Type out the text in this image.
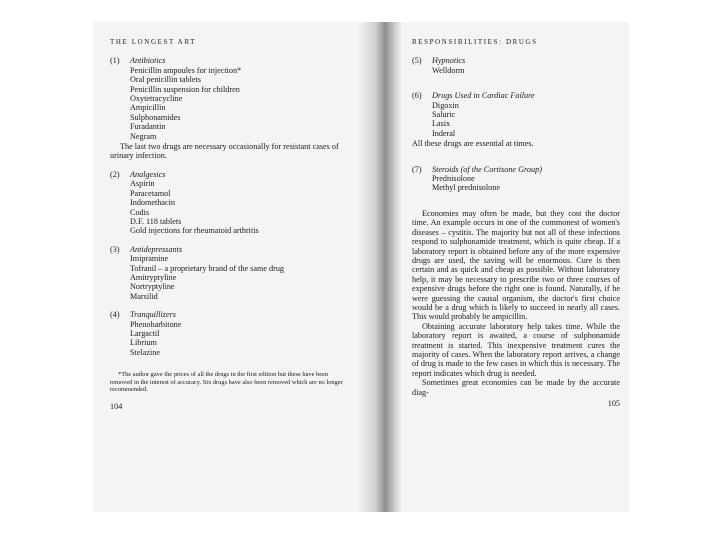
THE LONGEST ART
(1)	Antibiotics
Penicillin ampoules for injection*
Oral penicillin tablets
Penicillin suspension for children
Oxytetracycline
Ampicillin
Sulphonamides
Furadantin
Negram
The last two drugs are necessary occasionally for resistant cases of urinary infection.
(2)	Analgesics
Aspirin
Paracetamol
Indomethacin
Codis
D.F. 118 tablets
Gold injections for rheumatoid arthritis
(3)	Antidepressants
Imipramine
Tofranil – a proprietary brand of the same drug
Amitryptyline
Nortryptyline
Marsilid
(4)	Tranquillizers
Phenobarbitone
Largactil
Librium
Stelazine
*The author gave the prices of all the drugs in the first edition but these have been removed in the interest of accuracy. Six drugs have also been removed which are no longer recommended.
104
RESPONSIBILITIES: DRUGS
(5)	Hypnotics
Welldorm
(6)	Drugs Used in Cardiac Failure
Digoxin
Saluric
Lasix
Inderal
All these drugs are essential at times.
(7)	Steroids (of the Cortisone Group)
Prednisolone
Methyl prednisolone
Economies may often be made, but they cost the doctor time. An example occurs in one of the commonest of women's diseases – cystitis. The majority but not all of these infections respond to sulphonamide treatment, which is quite cheap. If a laboratory report is obtained before any of the more expensive drugs are used, the saving will be enormous. Cure is then certain and as quick and cheap as possible. Without laboratory help, it may be necessary to prescribe two or three courses of expensive drugs before the right one is found. Naturally, if he were guessing the causal organism, the doctor's first choice would be a drug which is likely to succeed in nearly all cases. This would probably be ampicillin.
Obtaining accurate laboratory help takes time. While the laboratory report is awaited, a course of sulphonamide treatment is started. This inexpensive treatment cures the majority of cases. When the laboratory report arrives, a change of drug is made to the few cases in which this is necessary. The report indicates which drug is needed.
Sometimes great economies can be made by the accurate diag-
105
